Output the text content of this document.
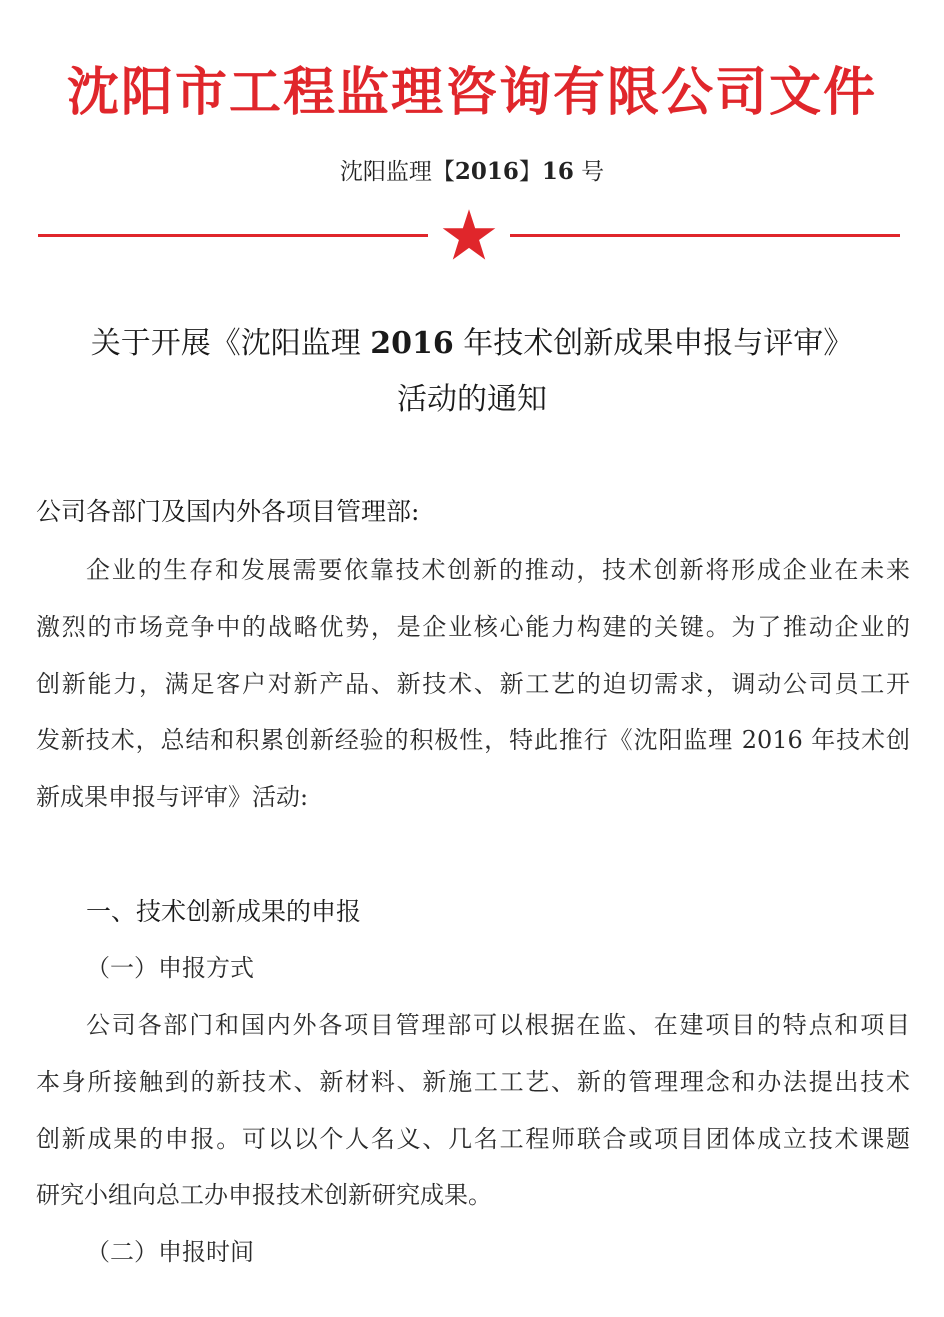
沈阳市工程监理咨询有限公司文件
沈阳监理【2016】16 号
关于开展《沈阳监理 2016 年技术创新成果申报与评审》
活动的通知
公司各部门及国内外各项目管理部:
企业的生存和发展需要依靠技术创新的推动，技术创新将形成企业在未来
激烈的市场竞争中的战略优势，是企业核心能力构建的关键。为了推动企业的
创新能力，满足客户对新产品、新技术、新工艺的迫切需求，调动公司员工开
发新技术，总结和积累创新经验的积极性，特此推行《沈阳监理 2016 年技术创
新成果申报与评审》活动:
一、技术创新成果的申报
（一）申报方式
公司各部门和国内外各项目管理部可以根据在监、在建项目的特点和项目
本身所接触到的新技术、新材料、新施工工艺、新的管理理念和办法提出技术
创新成果的申报。可以以个人名义、几名工程师联合或项目团体成立技术课题
研究小组向总工办申报技术创新研究成果。
（二）申报时间
